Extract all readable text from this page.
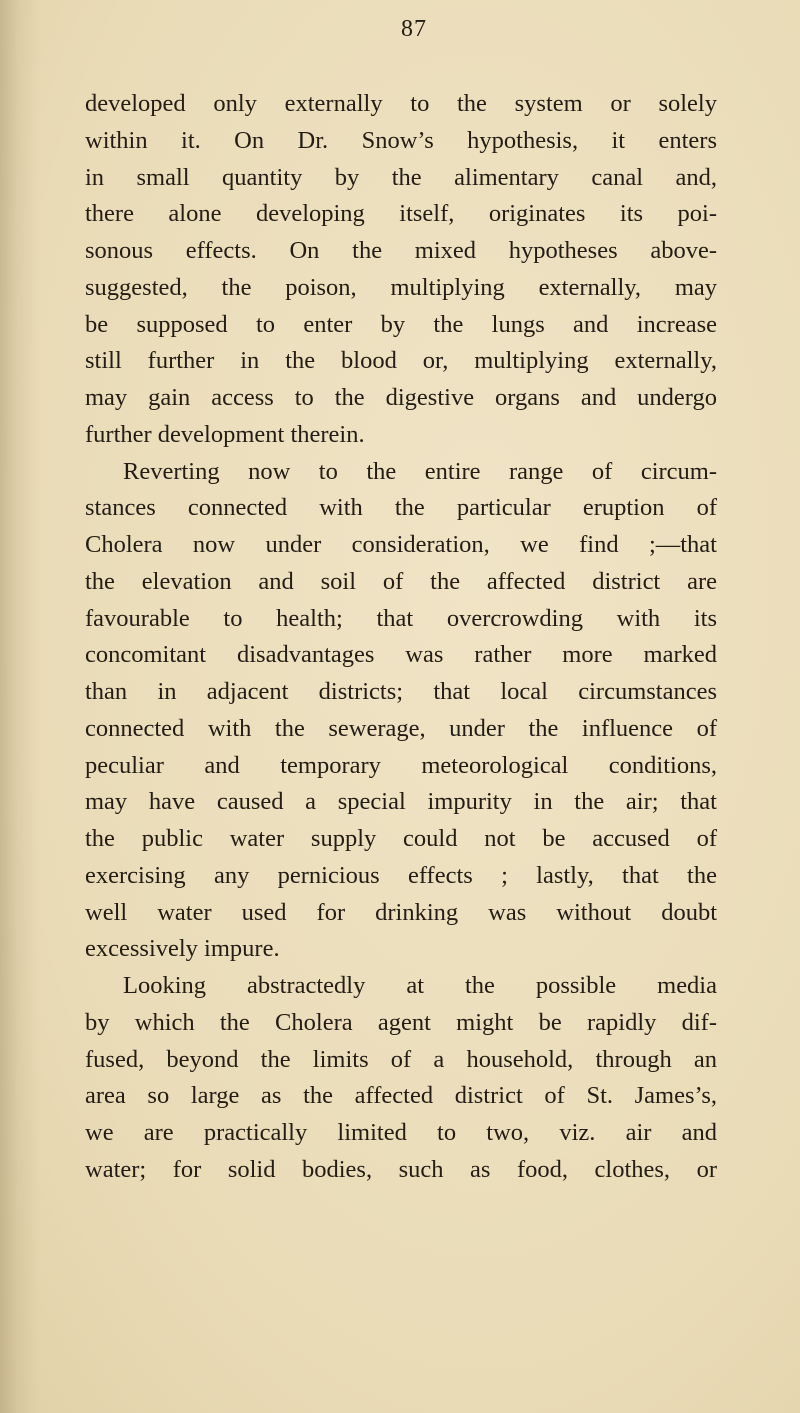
87
developed only externally to the system or solely
within it. On Dr. Snow’s hypothesis, it enters
in small quantity by the alimentary canal and,
there alone developing itself, originates its poi-
sonous effects. On the mixed hypotheses above-
suggested, the poison, multiplying externally, may
be supposed to enter by the lungs and increase
still further in the blood or, multiplying externally,
may gain access to the digestive organs and undergo
further development therein.
Reverting now to the entire range of circum-
stances connected with the particular eruption of
Cholera now under consideration, we find ;—that
the elevation and soil of the affected district are
favourable to health; that overcrowding with its
concomitant disadvantages was rather more marked
than in adjacent districts; that local circumstances
connected with the sewerage, under the influence of
peculiar and temporary meteorological conditions,
may have caused a special impurity in the air; that
the public water supply could not be accused of
exercising any pernicious effects ; lastly, that the
well water used for drinking was without doubt
excessively impure.
Looking abstractedly at the possible media
by which the Cholera agent might be rapidly dif-
fused, beyond the limits of a household, through an
area so large as the affected district of St. James’s,
we are practically limited to two, viz. air and
water; for solid bodies, such as food, clothes, or
